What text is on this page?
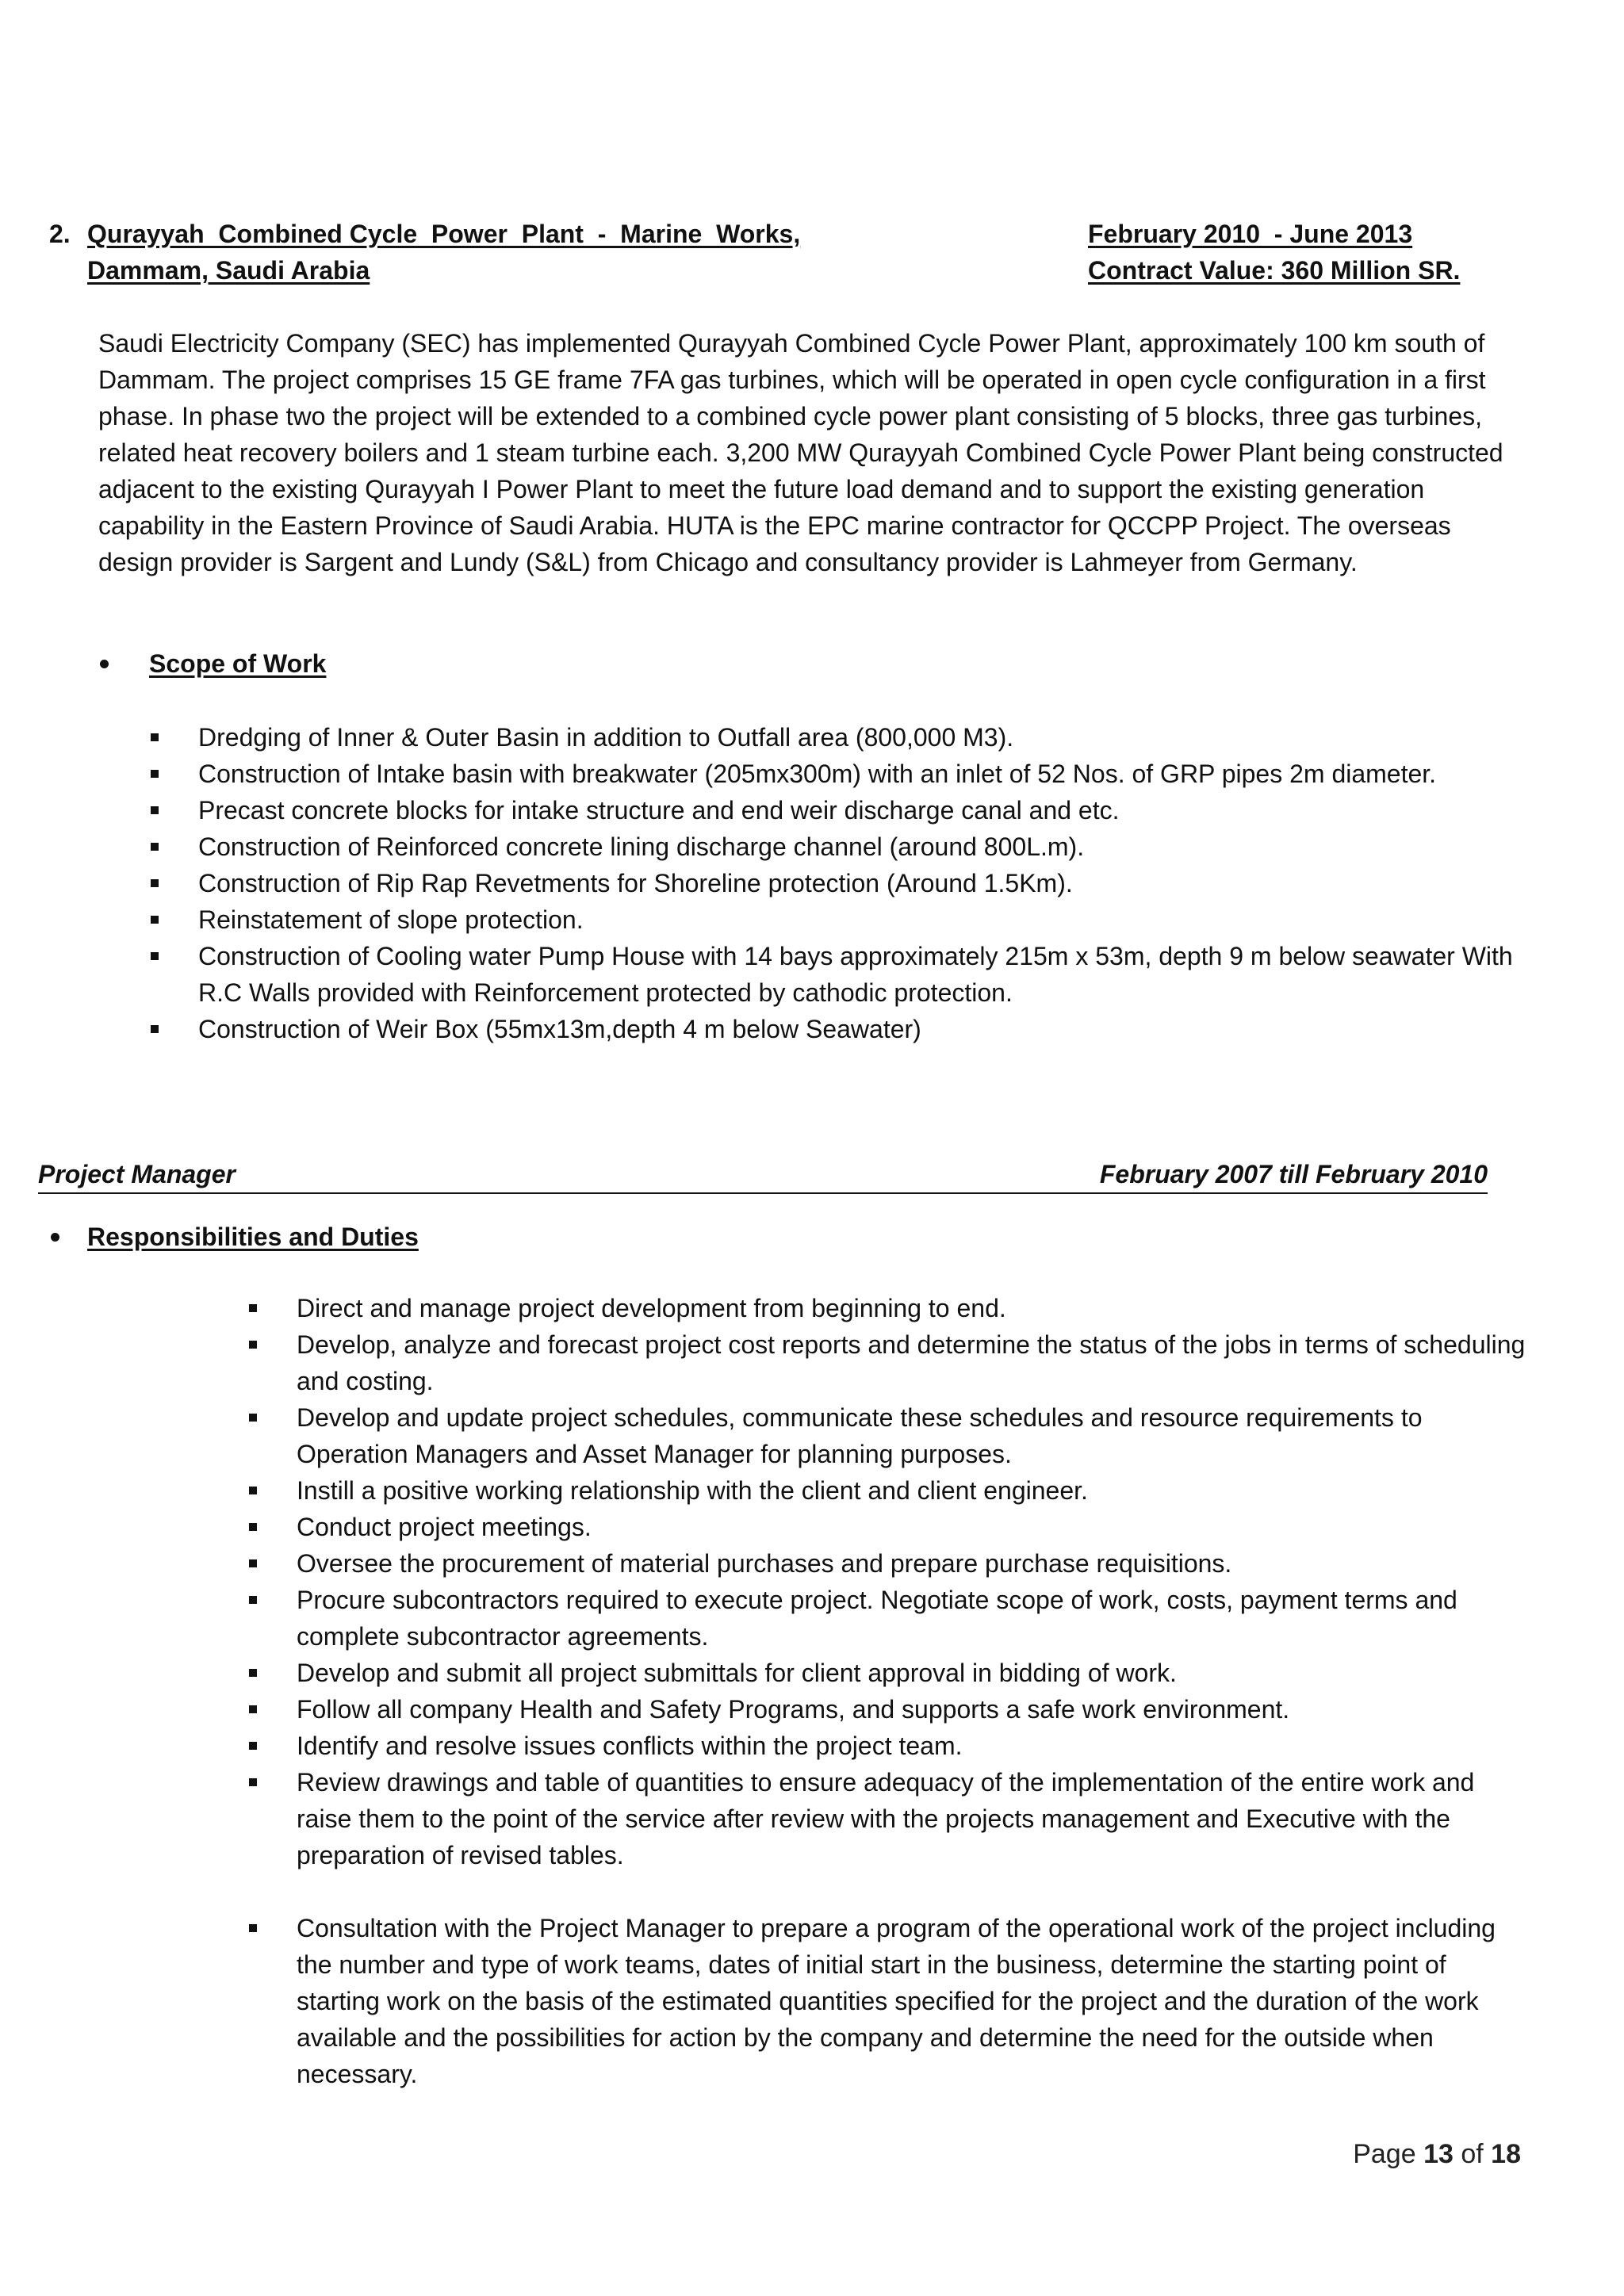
2. Qurayyah  Combined Cycle  Power  Plant  -  Marine  Works,
Dammam, Saudi Arabia
February 2010  - June 2013
Contract Value: 360 Million SR.

Saudi Electricity Company (SEC) has implemented Qurayyah Combined Cycle Power Plant, approximately 100 km south of Dammam. The project comprises 15 GE frame 7FA gas turbines, which will be operated in open cycle configuration in a first phase. In phase two the project will be extended to a combined cycle power plant consisting of 5 blocks, three gas turbines, related heat recovery boilers and 1 steam turbine each. 3,200 MW Qurayyah Combined Cycle Power Plant being constructed adjacent to the existing Qurayyah I Power Plant to meet the future load demand and to support the existing generation capability in the Eastern Province of Saudi Arabia. HUTA is the EPC marine contractor for QCCPP Project. The overseas design provider is Sargent and Lundy (S&L) from Chicago and consultancy provider is Lahmeyer from Germany.

Scope of Work
Dredging of Inner & Outer Basin in addition to Outfall area (800,000 M3).
Construction of Intake basin with breakwater (205mx300m) with an inlet of 52 Nos. of GRP pipes 2m diameter.
Precast concrete blocks for intake structure and end weir discharge canal and etc.
Construction of Reinforced concrete lining discharge channel (around 800L.m).
Construction of Rip Rap Revetments for Shoreline protection (Around 1.5Km).
Reinstatement of slope protection.
Construction of Cooling water Pump House with 14 bays approximately 215m x 53m, depth 9 m below seawater With R.C Walls provided with Reinforcement protected by cathodic protection.
Construction of Weir Box (55mx13m,depth 4 m below Seawater)
Project Manager	February 2007 till February 2010
Responsibilities and Duties
Direct and manage project development from beginning to end.
Develop, analyze and forecast project cost reports and determine the status of the jobs in terms of scheduling and costing.
Develop and update project schedules, communicate these schedules and resource requirements to Operation Managers and Asset Manager for planning purposes.
Instill a positive working relationship with the client and client engineer.
Conduct project meetings.
Oversee the procurement of material purchases and prepare purchase requisitions.
Procure subcontractors required to execute project. Negotiate scope of work, costs, payment terms and complete subcontractor agreements.
Develop and submit all project submittals for client approval in bidding of work.
Follow all company Health and Safety Programs, and supports a safe work environment.
Identify and resolve issues conflicts within the project team.
Review drawings and table of quantities to ensure adequacy of the implementation of the entire work and raise them to the point of the service after review with the projects management and Executive with the preparation of revised tables.
Consultation with the Project Manager to prepare a program of the operational work of the project including the number and type of work teams, dates of initial start in the business, determine the starting point of starting work on the basis of the estimated quantities specified for the project and the duration of the work available and the possibilities for action by the company and determine the need for the outside when necessary.
Page 13 of 18
